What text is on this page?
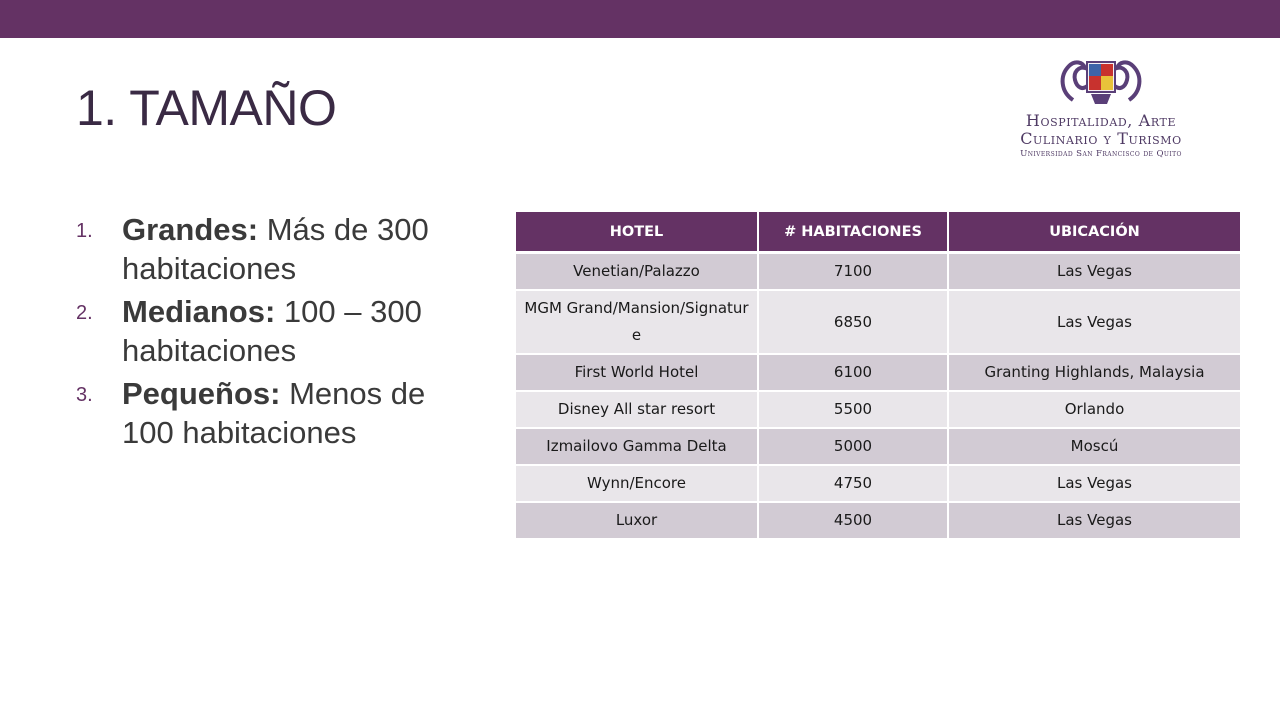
1. TAMAÑO	Hospitalidad, Arte
Culinario y Turismo
Universidad San Francisco de Quito
1. Grandes: Más de 300 habitaciones
2. Medianos: 100 – 300 habitaciones
3. Pequeños: Menos de 100 habitaciones
HOTEL	# HABITACIONES	UBICACIÓN
Venetian/Palazzo	7100	Las Vegas
MGM Grand/Mansion/Signature	6850	Las Vegas
First World Hotel	6100	Granting Highlands, Malaysia
Disney All star resort	5500	Orlando
Izmailovo Gamma Delta	5000	Moscú
Wynn/Encore	4750	Las Vegas
Luxor	4500	Las Vegas
